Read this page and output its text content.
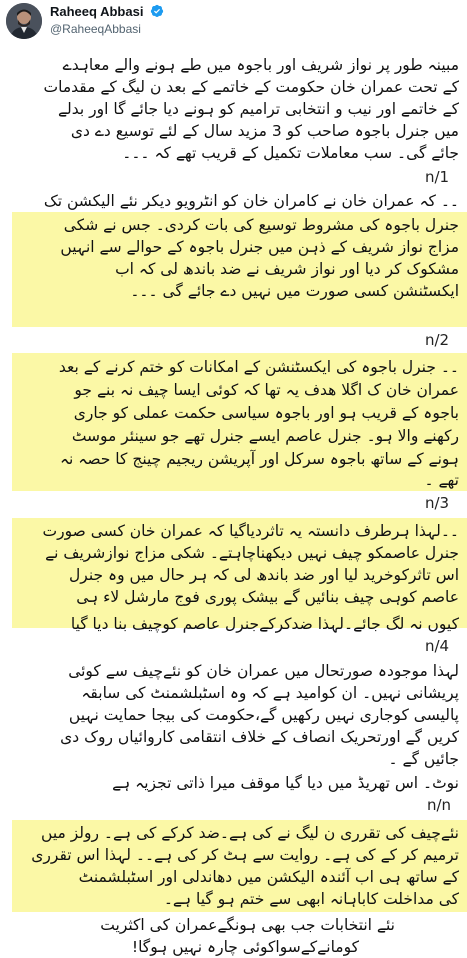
Raheeq Abbasi
@RaheeqAbbasi
مبینہ طور پر نواز شریف اور باجوہ میں طے ہونے والے معاہدے
کے تحت عمران خان حکومت کے خاتمے کے بعد ن لیگ کے مقدمات
کے خاتمے اور نیب و انتخابی ترامیم کو ہونے دیا جائے گا اور بدلے
میں جنرل باجوہ صاحب کو 3 مزید سال کے لئے توسیع دے دی
جائے گی۔ سب معاملات تکمیل کے قریب تھے کہ ۔۔۔
n/1
۔۔ کہ عمران خان نے کامران خان کو انٹرویو دیکر نئے الیکشن تک
جنرل باجوہ کی مشروط توسیع کی بات کردی۔ جس نے شکی
مزاج نواز شریف کے ذہن میں جنرل باجوہ کے حوالے سے انہیں
مشکوک کر دیا اور نواز شریف نے ضد باندھ لی کہ اب
ایکسٹنشن کسی صورت میں نہیں دے جائے گی ۔۔۔
n/2
۔۔ جنرل باجوہ کی ایکسٹنشن کے امکانات کو ختم کرنے کے بعد
عمران خان ک اگلا ھدف یہ تھا کہ کوئی ایسا چیف نہ بنے جو
باجوہ کے قریب ہو اور باجوہ سیاسی حکمت عملی کو جاری
رکھنے والا ہو۔ جنرل عاصم ایسے جنرل تھے جو سینئر موسٹ
ہونے کے ساتھ باجوہ سرکل اور آپریشن ریجیم چینج کا حصہ نہ
تھے ۔
n/3
۔۔لہذا ہرطرف دانستہ یہ تاثردیاگیا کہ عمران خان کسی صورت
جنرل عاصمکو چیف نہیں دیکھناچاہتے۔ شکی مزاج نوازشریف نے
اس تاثرکوخرید لیا اور ضد باندھ لی کہ ہر حال میں وہ جنرل
عاصم کوہی چیف بنائیں گے بیشک پوری فوج مارشل لاء ہی
کیوں نہ لگ جائے۔لہذا ضدکرکےجنرل عاصم کوچیف بنا دیا گیا
n/4
لہذا موجودہ صورتحال میں عمران خان کو نئےچیف سے کوئی
پریشانی نہیں۔ ان کوامید ہے کہ وہ اسٹبلشمنٹ کی سابقہ
پالیسی کوجاری نہیں رکھیں گے،حکومت کی بیجا حمایت نہیں
کریں گے اورتحریک انصاف کے خلاف انتقامی کاروائیاں روک دی
جائیں گے ۔
نوٹ۔ اس تھریڈ میں دیا گیا موقف میرا ذاتی تجزیہ ہے
n/n
نئےچیف کی تقرری ن لیگ نے کی ہے۔ضد کرکے کی ہے۔ رولز میں
ترمیم کر کے کی ہے۔ روایت سے ہٹ کر کی ہے۔۔ لہذا اس تقرری
کے ساتھ ہی اب آئندہ الیکشن میں دھاندلی اور اسٹبلشمنٹ
کی مداخلت کاباہانہ ابھی سے ختم ہو گیا ہے۔
نئے انتخابات جب بھی ہونگےعمران کی اکثریت
کومانےکےسواکوئی چارہ نہیں ہوگا!
